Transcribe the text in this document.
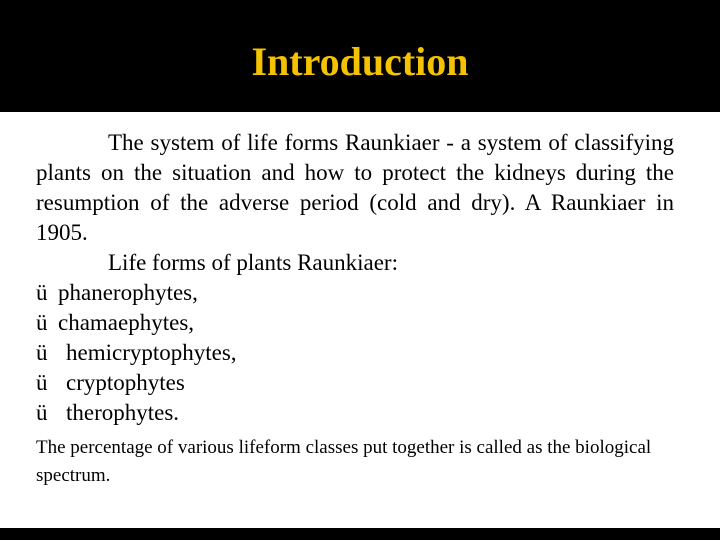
Introduction

The system of life forms Raunkiaer - a system of classifying plants on the situation and how to protect the kidneys during the resumption of the adverse period (cold and dry). A Raunkiaer in 1905.

Life forms of plants Raunkiaer:

ü phanerophytes,
ü chamaephytes,
ü hemicryptophytes,
ü cryptophytes
ü therophytes.

The percentage of various lifeform classes put together is called as the biological spectrum.
